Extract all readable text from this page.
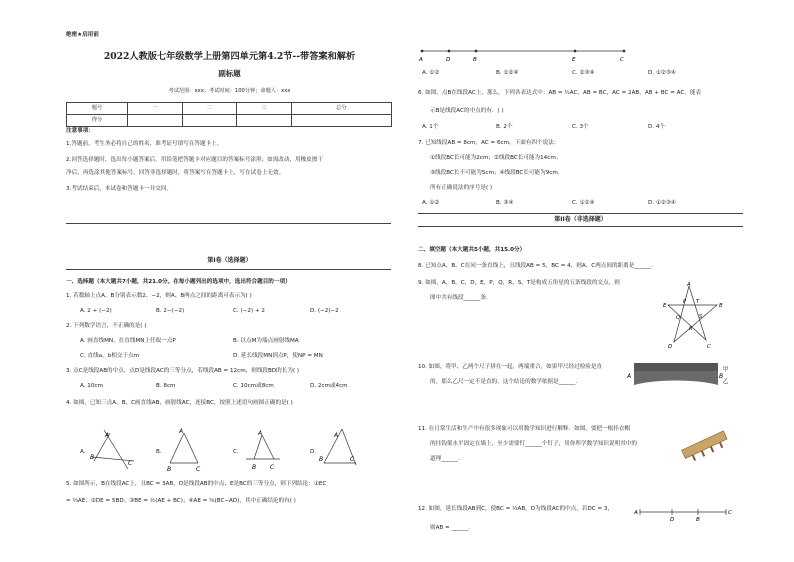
绝密★启用前
2022人教版七年级数学上册第四单元第4.2节--带答案和解析
副标题
考试范围：xxx；考试时间：100分钟；命题人：xxx
题号	一	二	三	总分
得分				
注意事项：
1.答题前，考生务必将自己的姓名、准考证号填写在答题卡上。
2.回答选择题时，选出每小题答案后，用铅笔把答题卡对应题目的答案标号涂黑；如需改动，用橡皮擦干
净后，再选涂其他答案标号。回答非选择题时，将答案写在答题卡上，写在试卷上无效。
3.考试结束后，本试卷和答题卡一并交回。
第I卷（选择题）
一、选择题（本大题共7小题，共21.0分。在每小题列出的选项中，选出符合题目的一项）
1. 若数轴上点A、B分别表示数2、−2，则A、B两点之间的距离可表示为( )
A. 2 + (−2)	B. 2−(−2)	C. (−2) + 2	D. (−2)−2
2. 下列数学语言，不正确的是( )
A. 画直线MN，在直线MN上任取一点P	B. 以点M为端点画射线MA
C. 直线a，b相交于点m	D. 延长线段MN到点P，使NP = MN
3. 点C是线段AB的中点，点D是线段AC的三等分点，若线段AB = 12cm，则线段BD的长为( )
A. 10cm	B. 8cm	C. 10cm或8cm	D. 2cm或4cm
4. 如图，已知三点A，B，C画直线AB，画射线AC，连接BC，按照上述语句画图正确的是( )
A.
A
B
C
B.
A
B	C
C.
A
B C
D.
A
B	C
5. 如图所示，B在线段AC上，且BC = 3AB，D是线段AB的中点，E是BC的三等分点，则下列结论：①EC
= ⅔AE；②DE = 5BD；③BE = ½(AE + BC)；④AE = ⅚(BC−AD)，其中正确结论的有( )
A	D	B	E	C
A. ①②	B. ①②④	C. ②③④	D. ①②③④
6. 如图，点B在线段AC上，那么，下列各表达式中：AB = ½AC，AB = BC，AC = 2AB，AB + BC = AC，能表
示B是线段AC的中点的有．( )
A. 1个	B. 2个	C. 3个	D. 4个
7. 已知线段AB = 8cm，AC = 6cm，下面有四个说法：
①线段BC长可能为2cm；②线段BC长可能为14cm；
③线段BC长不可能为5cm；④线段BC长可能为9cm.
所有正确说法的序号是( )
A. ①②	B. ③④	C. ①②④	D. ①②③④
第II卷（非选择题）
二、填空题（本大题共5小题，共15.0分）
8. 已知点A、B、C在同一条直线上，且线段AB = 5，BC = 4，则A、C两点间的距离是______.
9. 如图，A，B，C，D，E，P，Q，R，S，T是构成五角星的五条线段的交点，则
图中共有线段______条.
A
B
C
D
E
P
Q
R
S
T
10. 如图，将甲、乙两个尺子拼在一起，两端重合，如果甲尺经过检验是直
的，那么乙尺一定不是直的，这个结论的数学依据是______.
A	B
甲
乙
11. 在日常生活和生产中有很多现象可以用数学知识进行解释．如图，要把一根挂衣帽
的挂钩架水平固定在墙上，至少需要钉______个钉子，用你所学数学知识说明其中的
道理______.
12. 如图，延长线段AB到C，使BC = ½AB，D为线段AC的中点，若DC = 3，
则AB = ______.
A
D	B
C
